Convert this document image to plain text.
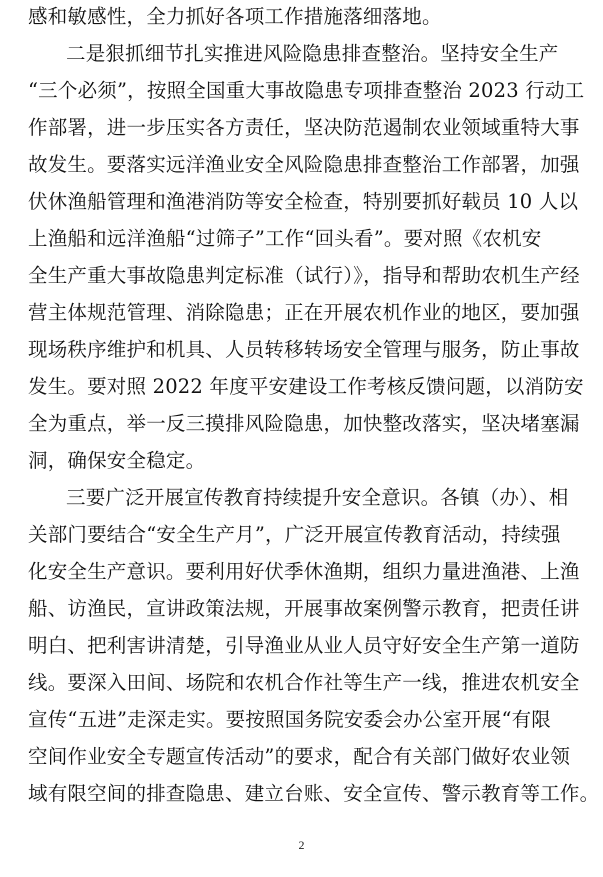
感和敏感性，全力抓好各项工作措施落细落地。
二是狠抓细节扎实推进风险隐患排查整治。坚持安全生产
“三个必须”，按照全国重大事故隐患专项排查整治 2023 行动工
作部署，进一步压实各方责任，坚决防范遏制农业领域重特大事
故发生。要落实远洋渔业安全风险隐患排查整治工作部署，加强
伏休渔船管理和渔港消防等安全检查，特别要抓好载员 10 人以
上渔船和远洋渔船“过筛子”工作“回头看”。要对照《农机安
全生产重大事故隐患判定标准（试行）》，指导和帮助农机生产经
营主体规范管理、消除隐患；正在开展农机作业的地区，要加强
现场秩序维护和机具、人员转移转场安全管理与服务，防止事故
发生。要对照 2022 年度平安建设工作考核反馈问题，以消防安
全为重点，举一反三摸排风险隐患，加快整改落实，坚决堵塞漏
洞，确保安全稳定。
三要广泛开展宣传教育持续提升安全意识。各镇（办）、相
关部门要结合“安全生产月”，广泛开展宣传教育活动，持续强
化安全生产意识。要利用好伏季休渔期，组织力量进渔港、上渔
船、访渔民，宣讲政策法规，开展事故案例警示教育，把责任讲
明白、把利害讲清楚，引导渔业从业人员守好安全生产第一道防
线。要深入田间、场院和农机合作社等生产一线，推进农机安全
宣传“五进”走深走实。要按照国务院安委会办公室开展“有限
空间作业安全专题宣传活动”的要求，配合有关部门做好农业领
域有限空间的排查隐患、建立台账、安全宣传、警示教育等工作。
2
